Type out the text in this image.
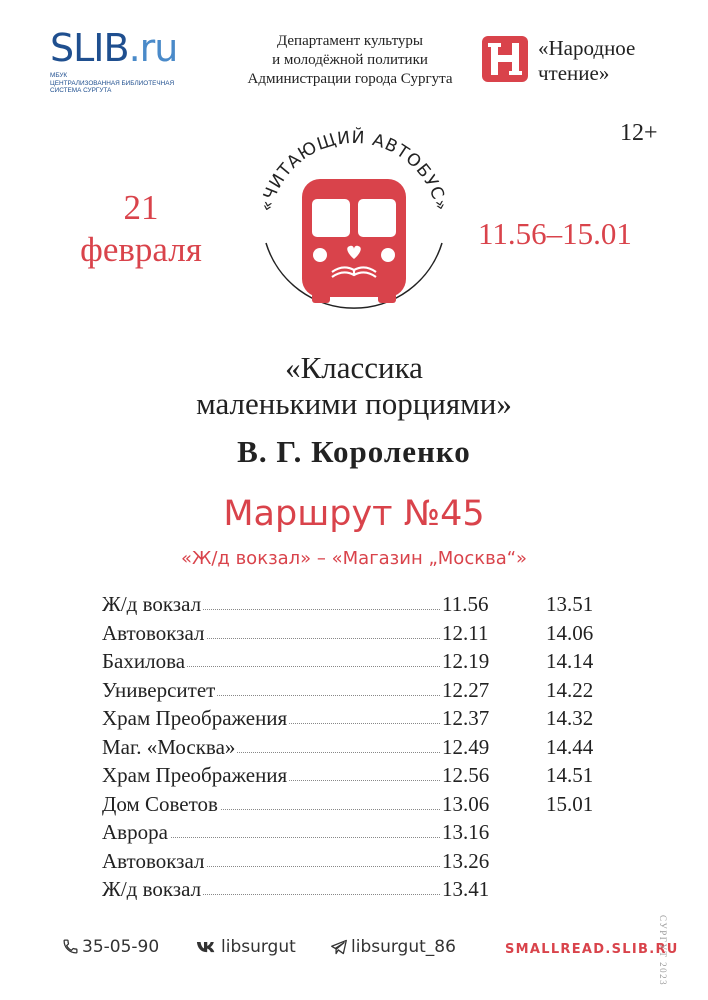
SLIB.ru
МБУК
ЦЕНТРАЛИЗОВАННАЯ БИБЛИОТЕЧНАЯ
СИСТЕМА СУРГУТА
Департамент культуры
и молодёжной политики
Администрации города Сургута
«Народное
чтение»
12+
21
февраля	11.56–15.01
«ЧИТАЮЩИЙ АВТОБУС»
«Классика
маленькими порциями»
В. Г. Короленко
Маршрут №45
«Ж/д вокзал» – «Магазин „Москва“»
Ж/д вокзал	11.56	13.51
Автовокзал	12.11	14.06
Бахилова	12.19	14.14
Университет	12.27	14.22
Храм Преображения	12.37	14.32
Маг. «Москва»	12.49	14.44
Храм Преображения	12.56	14.51
Дом Советов	13.06	15.01
Аврора	13.16
Автовокзал	13.26
Ж/д вокзал	13.41
35-05-90	libsurgut	libsurgut_86	SMALLREAD.SLIB.RU
СУРГУТ 2023
